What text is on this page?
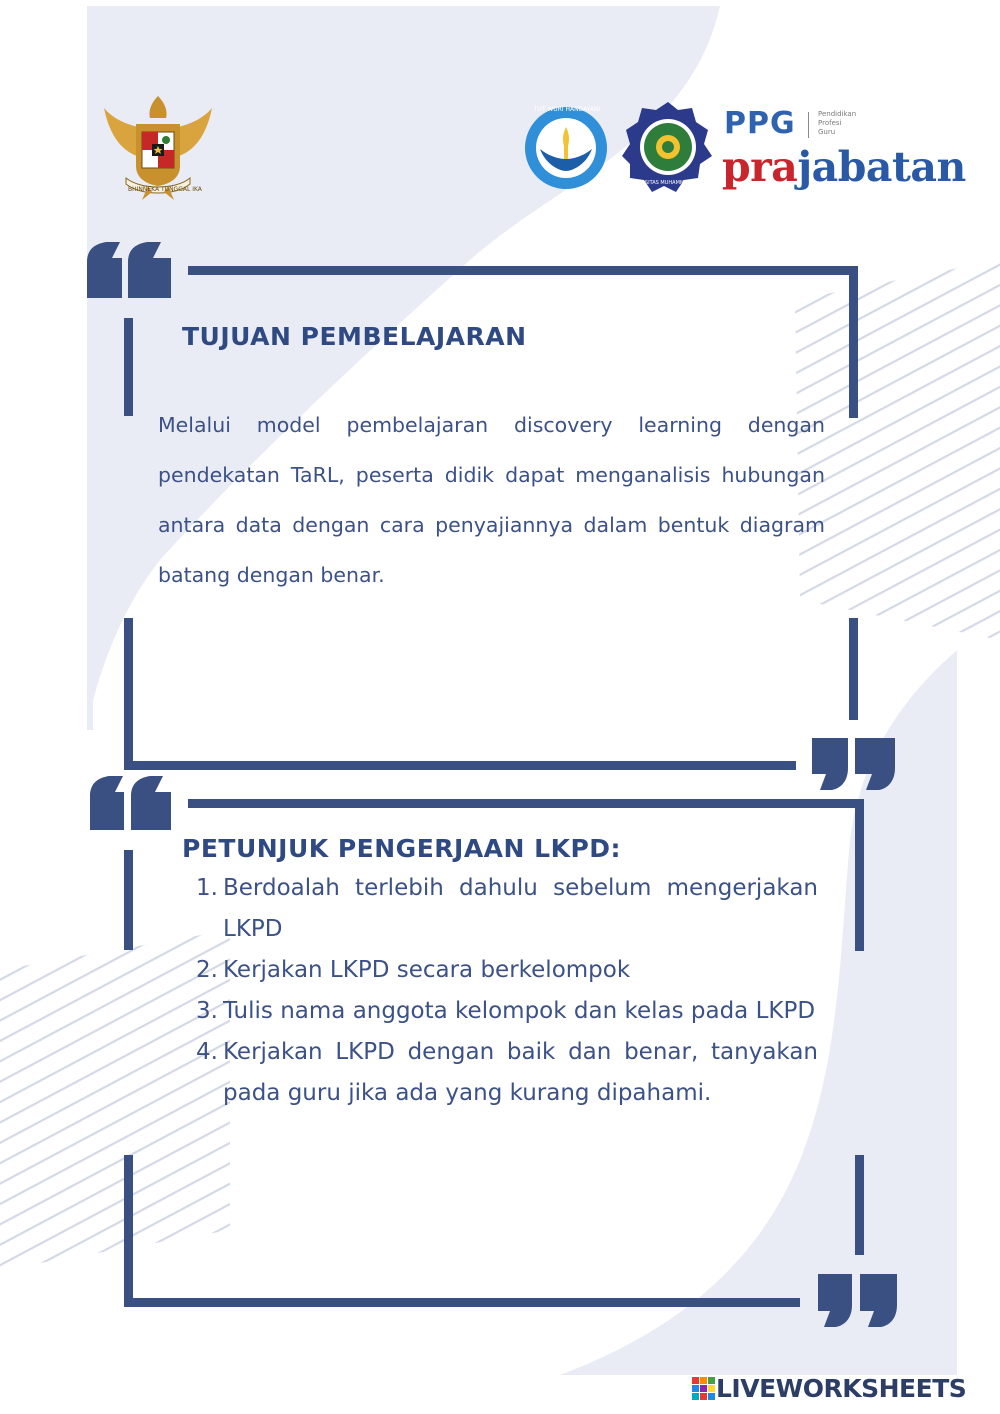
BHINNEKA TUNGGAL IKA
TUT WURI HANDAYANI
UNIVERSITAS MUHAMMADIYAH MAKASSAR
PPG	Pendidikan
Profesi
Guru
prajabatan
TUJUAN PEMBELAJARAN
Melalui model pembelajaran discovery learning dengan pendekatan TaRL, peserta didik dapat menganalisis hubungan antara data dengan cara penyajiannya dalam bentuk diagram batang dengan benar.
PETUNJUK PENGERJAAN LKPD:
1. Berdoalah terlebih dahulu sebelum mengerjakan LKPD
2. Kerjakan LKPD secara berkelompok
3. Tulis nama anggota kelompok dan kelas pada LKPD
4. Kerjakan LKPD dengan baik dan benar, tanyakan pada guru jika ada yang kurang dipahami.
LIVEWORKSHEETS
